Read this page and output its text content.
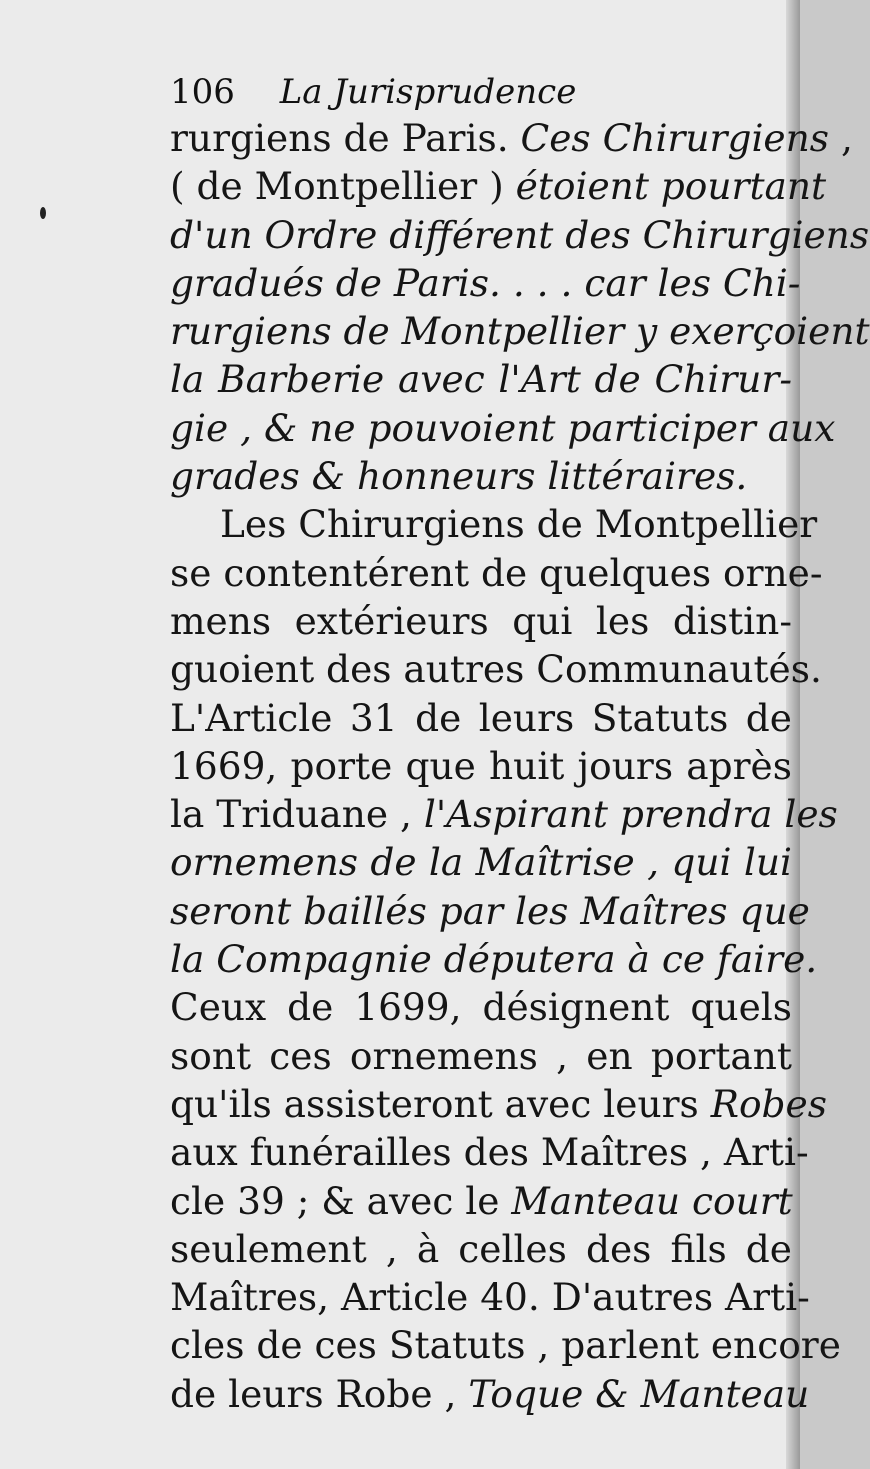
106 La Jurisprudence
rurgiens de Paris. Ces Chirurgiens ,
( de Montpellier ) étoient pourtant
d'un Ordre différent des Chirurgiens
gradués de Paris. . . . car les Chi-
rurgiens de Montpellier y exerçoient
la Barberie avec l'Art de Chirur-
gie , & ne pouvoient participer aux
grades & honneurs littéraires.
Les Chirurgiens de Montpellier
se contentérent de quelques orne-
mens extérieurs qui les distin-
guoient des autres Communautés.
L'Article 31 de leurs Statuts de
1669, porte que huit jours après
la Triduane , l'Aspirant prendra les
ornemens de la Maîtrise , qui lui
seront baillés par les Maîtres que
la Compagnie députera à ce faire.
Ceux de 1699, désignent quels
sont ces ornemens , en portant
qu'ils assisteront avec leurs Robes
aux funérailles des Maîtres , Arti-
cle 39 ; & avec le Manteau court
seulement , à celles des fils de
Maîtres, Article 40. D'autres Arti-
cles de ces Statuts , parlent encore
de leurs Robe , Toque & Manteau
